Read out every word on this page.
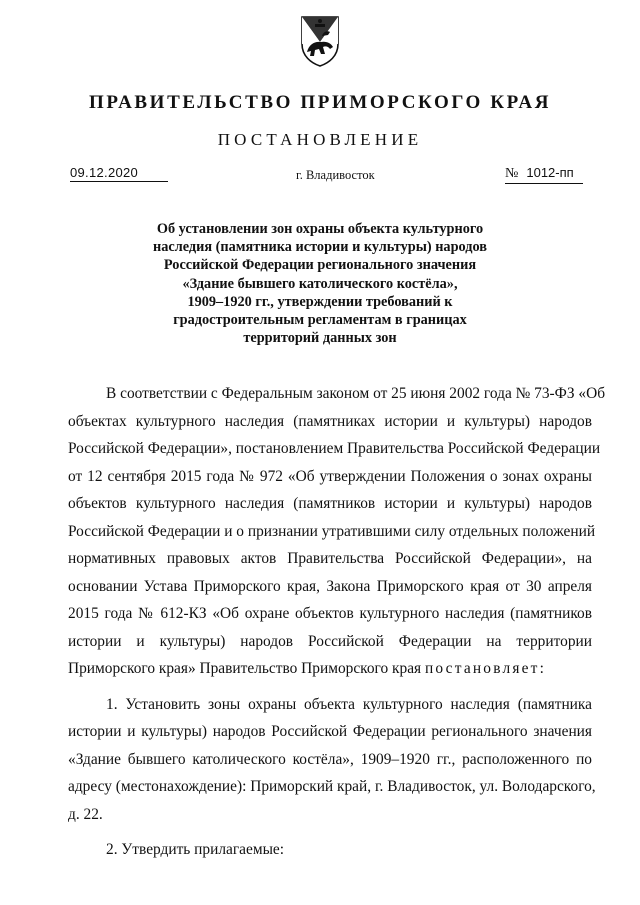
ПРАВИТЕЛЬСТВО ПРИМОРСКОГО КРАЯ
ПОСТАНОВЛЕНИЕ
09.12.2020	г. Владивосток	№ 1012-пп
Об установлении зон охраны объекта культурного
наследия (памятника истории и культуры) народов
Российской Федерации регионального значения
«Здание бывшего католического костёла»,
1909–1920 гг., утверждении требований к
градостроительным регламентам в границах
территорий данных зон
В соответствии с Федеральным законом от 25 июня 2002 года № 73-ФЗ «Об
объектах культурного наследия (памятниках истории и культуры) народов
Российской Федерации», постановлением Правительства Российской Федерации
от 12 сентября 2015 года № 972 «Об утверждении Положения о зонах охраны
объектов культурного наследия (памятников истории и культуры) народов
Российской Федерации и о признании утратившими силу отдельных положений
нормативных правовых актов Правительства Российской Федерации», на
основании Устава Приморского края, Закона Приморского края от 30 апреля
2015 года № 612-КЗ «Об охране объектов культурного наследия (памятников
истории и культуры) народов Российской Федерации на территории
Приморского края» Правительство Приморского края постановляет:
1. Установить зоны охраны объекта культурного наследия (памятника
истории и культуры) народов Российской Федерации регионального значения
«Здание бывшего католического костёла», 1909–1920 гг., расположенного по
адресу (местонахождение): Приморский край, г. Владивосток, ул. Володарского,
д. 22.
2. Утвердить прилагаемые:
